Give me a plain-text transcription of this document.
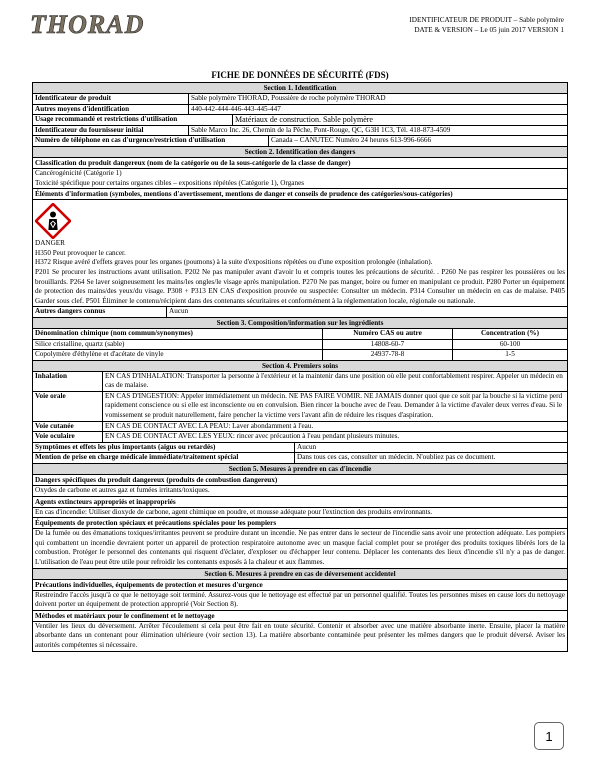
THORAD	IDENTIFICATEUR DE PRODUIT – Sable polymère
DATE & VERSION – Le 05 juin 2017 VERSION 1
FICHE DE DONNÉES DE SÉCURITÉ (FDS)
Section 1. Identification
Identificateur de produit	Sable polymère THORAD, Poussière de roche polymère THORAD
Autres moyens d'identification	440-442-444-446-443-445-447
Usage recommandé et restrictions d'utilisation	Matériaux de construction. Sable polymère
Identificateur du fournisseur initial	Sable Marco Inc. 26, Chemin de la Pêche, Pont-Rouge, QC, G3H 1C3, Tél. 418-873-4509
Numéro de téléphone en cas d'urgence/restriction d'utilisation	Canada – CANUTEC Numéro 24 heures 613-996-6666
Section 2. Identification des dangers
Classification du produit dangereux (nom de la catégorie ou de la sous-catégorie de la classe de danger)
Cancérogénicité (Catégorie 1)
Toxicité spécifique pour certains organes cibles – expositions répétées (Catégorie 1), Organes
Éléments d'information (symboles, mentions d'avertissement, mentions de danger et conseils de prudence des catégories/sous-catégories)
DANGER
H350 Peut provoquer le cancer.
H372 Risque avéré d'effets graves pour les organes (poumons) à la suite d'expositions répétées ou d'une exposition prolongée (inhalation).
P201 Se procurer les instructions avant utilisation. P202 Ne pas manipuler avant d'avoir lu et compris toutes les précautions de sécurité. . P260 Ne pas respirer les poussières ou les brouillards. P264 Se laver soigneusement les mains/les ongles/le visage après manipulation. P270 Ne pas manger, boire ou fumer en manipulant ce produit. P280 Porter un équipement de protection des mains/des yeux/du visage. P308 + P313 EN CAS d'exposition prouvée ou suspectée: Consulter un médecin. P314 Consulter un médecin en cas de malaise. P405 Garder sous clef. P501 Éliminer le contenu/récipient dans des contenants sécuritaires et conformément à la réglementation locale, régionale ou nationale.
Autres dangers connus	Aucun
Section 3. Composition/information sur les ingrédients
Dénomination chimique (nom commun/synonymes)	Numéro CAS ou autre	Concentration (%)
Silice cristalline, quartz (sable)	14808-60-7	60-100
Copolymère d'éthylène et d'acétate de vinyle	24937-78-8	1-5
Section 4. Premiers soins
Inhalation	EN CAS D'INHALATION: Transporter la personne à l'extérieur et la maintenir dans une position où elle peut confortablement respirer. Appeler un médecin en cas de malaise.
Voie orale	EN CAS D'INGESTION: Appeler immédiatement un médecin. NE PAS FAIRE VOMIR. NE JAMAIS donner quoi que ce soit par la bouche si la victime perd rapidement conscience ou si elle est inconsciente ou en convulsion. Bien rincer la bouche avec de l'eau. Demander à la victime d'avaler deux verres d'eau. Si le vomissement se produit naturellement, faire pencher la victime vers l'avant afin de réduire les risques d'aspiration.
Voie cutanée	EN CAS DE CONTACT AVEC LA PEAU: Laver abondamment à l'eau.
Voie oculaire	EN CAS DE CONTACT AVEC LES YEUX: rincer avec précaution à l'eau pendant plusieurs minutes.
Symptômes et effets les plus importants (aigus ou retardés)	Aucun
Mention de prise en charge médicale immédiate/traitement spécial	Dans tous ces cas, consulter un médecin. N'oubliez pas ce document.
Section 5. Mesures à prendre en cas d'incendie
Dangers spécifiques du produit dangereux (produits de combustion dangereux)
Oxydes de carbone et autres gaz et fumées irritants/toxiques.
Agents extincteurs appropriés et inappropriés
En cas d'incendie: Utiliser dioxyde de carbone, agent chimique en poudre, et mousse adéquate pour l'extinction des produits environnants.
Équipements de protection spéciaux et précautions spéciales pour les pompiers
De la fumée ou des émanations toxiques/irritantes peuvent se produire durant un incendie. Ne pas entrer dans le secteur de l'incendie sans avoir une protection adéquate. Les pompiers qui combattent un incendie devraient porter un appareil de protection respiratoire autonome avec un masque facial complet pour se protéger des produits toxiques libérés lors de la combustion. Protéger le personnel des contenants qui risquent d'éclater, d'exploser ou d'échapper leur contenu. Déplacer les contenants des lieux d'incendie s'il n'y a pas de danger. L'utilisation de l'eau peut être utile pour refroidir les contenants exposés à la chaleur et aux flammes.
Section 6. Mesures à prendre en cas de déversement accidentel
Précautions individuelles, équipements de protection et mesures d'urgence
Restreindre l'accès jusqu'à ce que le nettoyage soit terminé. Assurez-vous que le nettoyage est effectué par un personnel qualifié. Toutes les personnes mises en cause lors du nettoyage doivent porter un équipement de protection approprié (Voir Section 8).
Méthodes et matériaux pour le confinement et le nettoyage
Ventiler les lieux du déversement. Arrêter l'écoulement si cela peut être fait en toute sécurité. Contenir et absorber avec une matière absorbante inerte. Ensuite, placer la matière absorbante dans un contenant pour élimination ultérieure (voir section 13). La matière absorbante contaminée peut présenter les mêmes dangers que le produit déversé. Aviser les autorités compétentes si nécessaire.
1
